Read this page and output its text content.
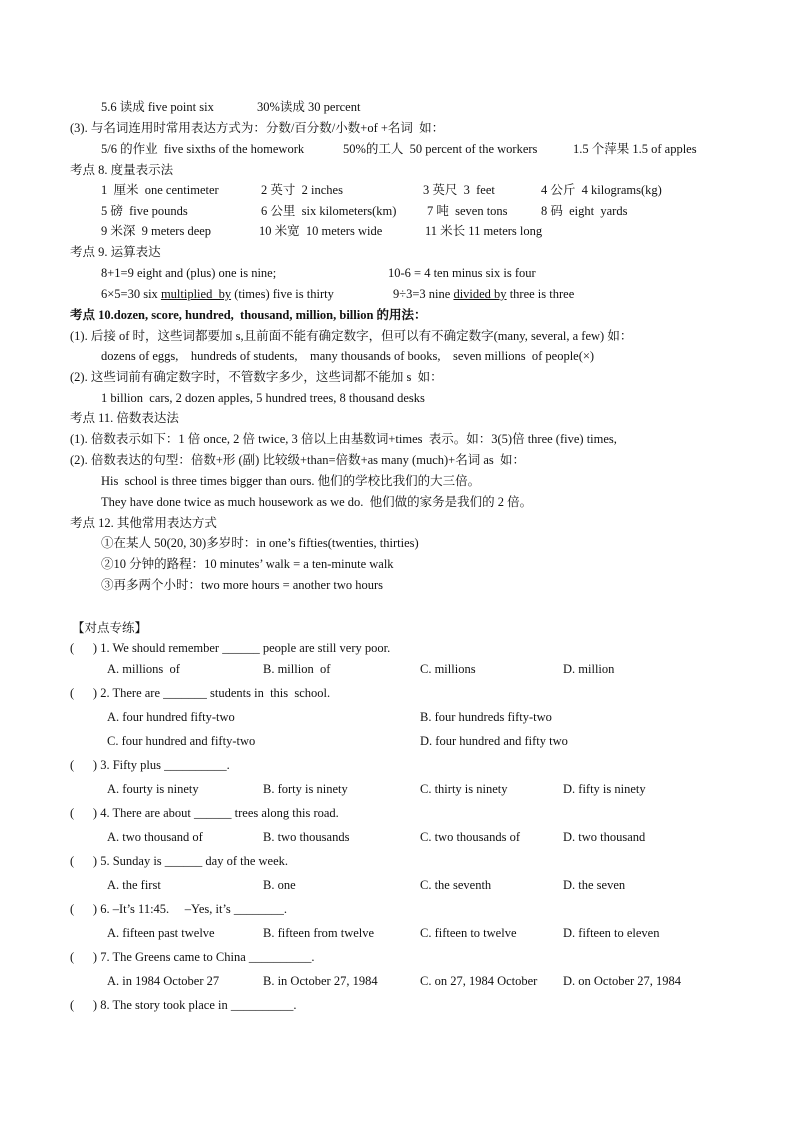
5.6 读成 five point six	30%读成 30 percent
(3). 与名词连用时常用表达方式为：分数/百分数/小数+of +名词  如：
5/6 的作业  five sixths of the homework	50%的工人  50 percent of the workers	1.5 个萍果 1.5 of apples
考点 8. 度量表示法
1  厘米  one centimeter	2 英寸  2 inches	3 英尺  3  feet	4 公斤  4 kilograms(kg)
5 磅  five pounds	6 公里  six kilometers(km) 7 吨  seven tons	8 码  eight  yards
9 米深  9 meters deep	10 米宽  10 meters wide	11 米长 11 meters long
考点 9. 运算表达
8+1=9 eight and (plus) one is nine;	10-6 = 4 ten minus six is four
6×5=30 six multiplied  by (times) five is thirty	9÷3=3 nine divided by three is three
考点 10.dozen, score, hundred,  thousand, million, billion 的用法：
(1). 后接 of 时，这些词都要加 s,且前面不能有确定数字，但可以有不确定数字(many, several, a few) 如：
dozens of eggs,    hundreds of students,    many thousands of books,    seven millions  of people(×)
(2). 这些词前有确定数字时，不管数字多少，这些词都不能加 s  如：
1 billion  cars, 2 dozen apples, 5 hundred trees, 8 thousand desks
考点 11. 倍数表达法
(1). 倍数表示如下：1 倍 once, 2 倍 twice, 3 倍以上由基数词+times  表示。如：3(5)倍 three (five) times,
(2). 倍数表达的句型：倍数+形 (副) 比较级+than=倍数+as many (much)+名词 as  如：
His  school is three times bigger than ours. 他们的学校比我们的大三倍。
They have done twice as much housework as we do.  他们做的家务是我们的 2 倍。
考点 12. 其他常用表达方式
①在某人 50(20, 30)多岁时：in one’s fifties(twenties, thirties)
②10 分钟的路程：10 minutes’ walk = a ten-minute walk
③再多两个小时：two more hours = another two hours
【对点专练】
(      ) 1. We should remember ______ people are still very poor.
A. millions  of	B. million  of	C. millions	D. million
(      ) 2. There are _______ students in  this  school.
A. four hundred fifty-two	B. four hundreds fifty-two
C. four hundred and fifty-two	D. four hundred and fifty two
(      ) 3. Fifty plus __________.
A. fourty is ninety	B. forty is ninety	C. thirty is ninety	D. fifty is ninety
(      ) 4. There are about ______ trees along this road.
A. two thousand of	B. two thousands	C. two thousands of	D. two thousand
(      ) 5. Sunday is ______ day of the week.
A. the first	B. one	C. the seventh	D. the seven
(      ) 6. –It’s 11:45.     –Yes, it’s ________.
A. fifteen past twelve	B. fifteen from twelve	C. fifteen to twelve	D. fifteen to eleven
(      ) 7. The Greens came to China __________.
A. in 1984 October 27	B. in October 27, 1984	C. on 27, 1984 October D. on October 27, 1984
(      ) 8. The story took place in __________.
